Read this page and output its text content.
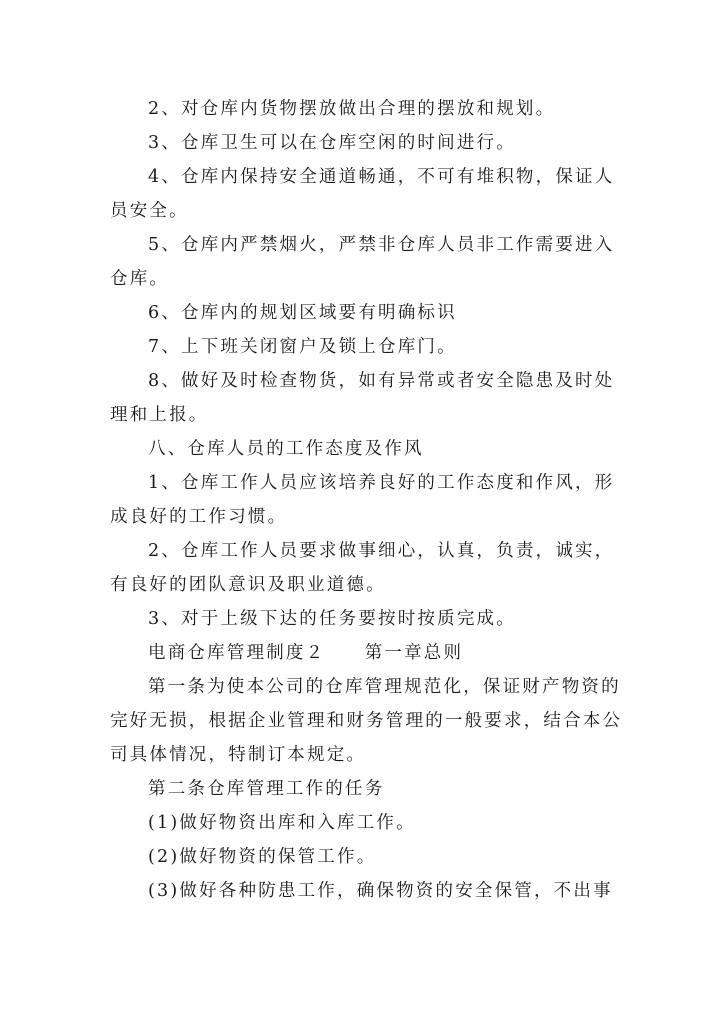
2、对仓库内货物摆放做出合理的摆放和规划。
3、仓库卫生可以在仓库空闲的时间进行。
4、仓库内保持安全通道畅通，不可有堆积物，保证人
员安全。
5、仓库内严禁烟火，严禁非仓库人员非工作需要进入
仓库。
6、仓库内的规划区域要有明确标识
7、上下班关闭窗户及锁上仓库门。
8、做好及时检查物货，如有异常或者安全隐患及时处
理和上报。
八、仓库人员的工作态度及作风
1、仓库工作人员应该培养良好的工作态度和作风，形
成良好的工作习惯。
2、仓库工作人员要求做事细心，认真，负责，诚实，
有良好的团队意识及职业道德。
3、对于上级下达的任务要按时按质完成。
电商仓库管理制度２　　第一章总则
第一条为使本公司的仓库管理规范化，保证财产物资的
完好无损，根据企业管理和财务管理的一般要求，结合本公
司具体情况，特制订本规定。
第二条仓库管理工作的任务
(1)做好物资出库和入库工作。
(2)做好物资的保管工作。
(3)做好各种防患工作，确保物资的安全保管，不出事
